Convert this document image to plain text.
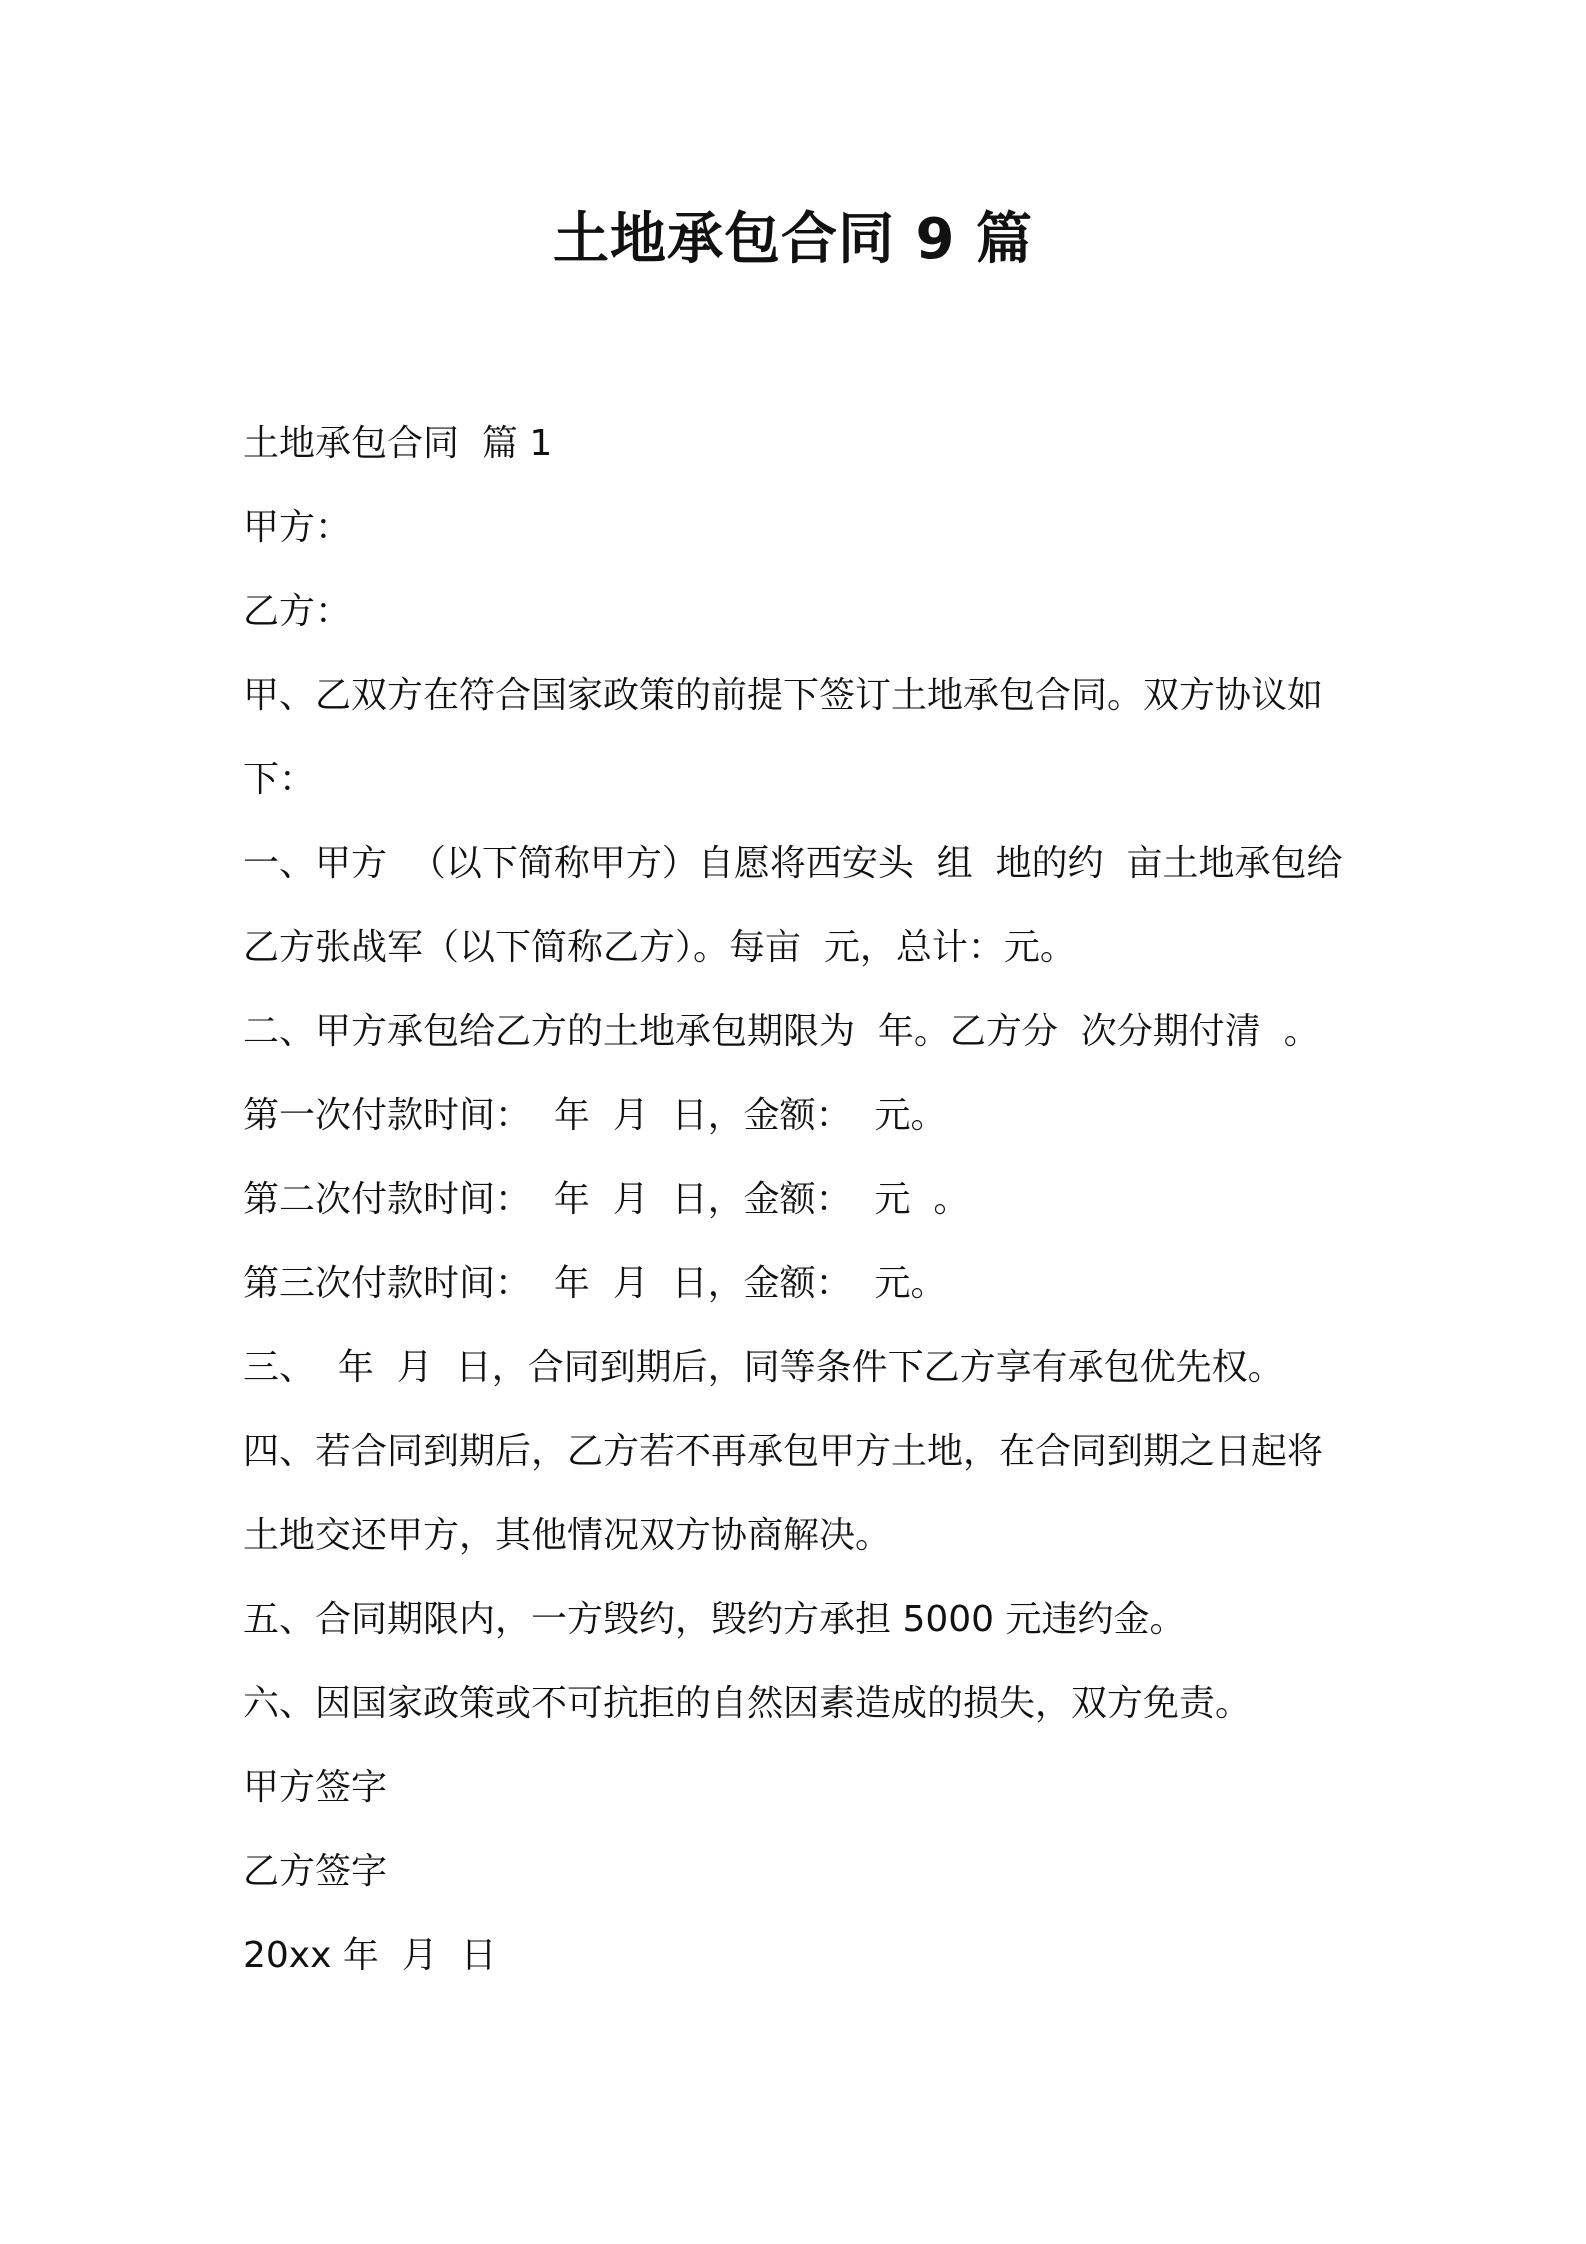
土地承包合同 9 篇
土地承包合同  篇 1
甲方：
乙方：
甲、乙双方在符合国家政策的前提下签订土地承包合同。双方协议如
下：
一、甲方  （以下简称甲方）自愿将西安头  组  地的约  亩土地承包给
乙方张战军（以下简称乙方）。每亩  元，总计：元。
二、甲方承包给乙方的土地承包期限为  年。乙方分  次分期付清  。
第一次付款时间：  年  月  日，金额：  元。
第二次付款时间：  年  月  日，金额：  元  。
第三次付款时间：  年  月  日，金额：  元。
三、  年  月  日，合同到期后，同等条件下乙方享有承包优先权。
四、若合同到期后，乙方若不再承包甲方土地，在合同到期之日起将
土地交还甲方，其他情况双方协商解决。
五、合同期限内，一方毁约，毁约方承担 5000 元违约金。
六、因国家政策或不可抗拒的自然因素造成的损失，双方免责。
甲方签字
乙方签字
20xx 年  月  日
